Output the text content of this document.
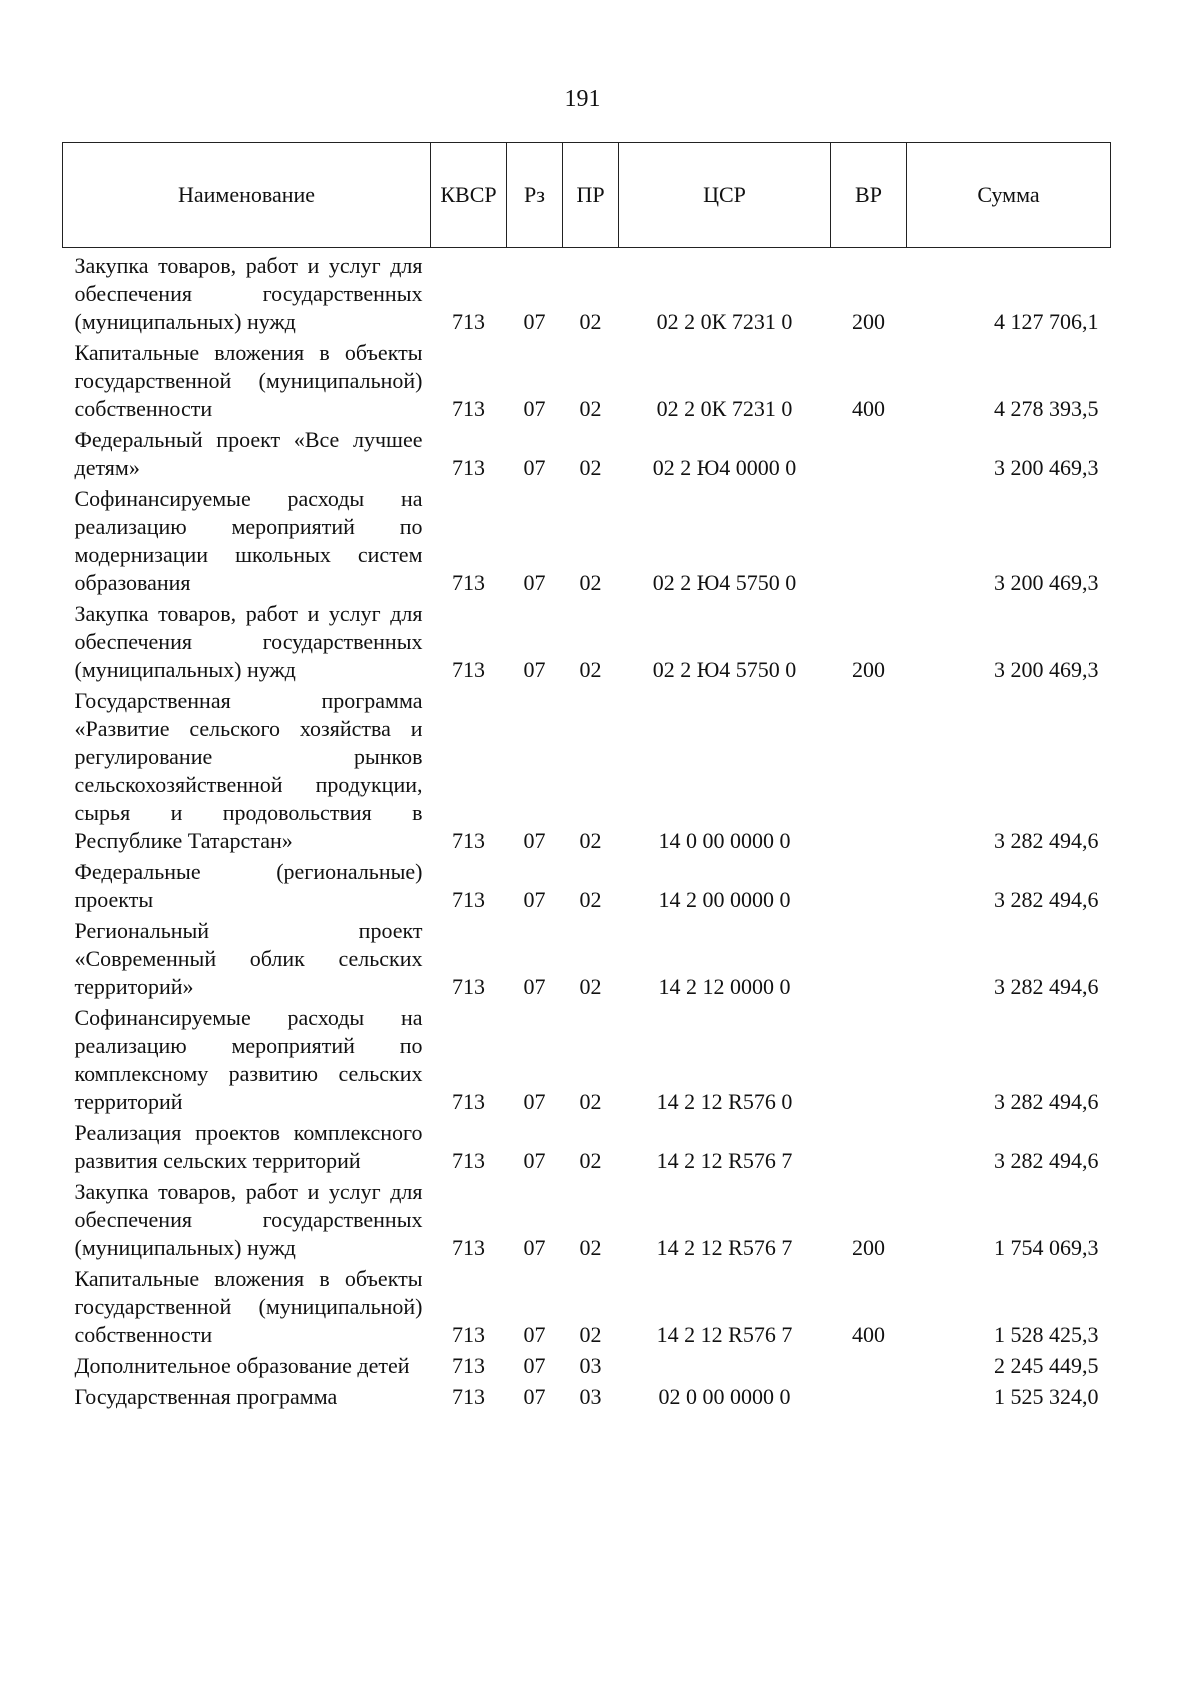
191
Наименование	КВСР	Рз	ПР	ЦСР	ВР	Сумма

Закупка товаров, работ и услуг для обеспечения государственных (муниципальных) нужд	713	07	02	02 2 0К 7231 0	200	4 127 706,1
Капитальные вложения в объекты государственной (муниципальной) собственности	713	07	02	02 2 0К 7231 0	400	4 278 393,5
Федеральный проект «Все лучшее детям»	713	07	02	02 2 Ю4 0000 0		3 200 469,3
Софинансируемые расходы на реализацию мероприятий по модернизации школьных систем образования	713	07	02	02 2 Ю4 5750 0		3 200 469,3
Закупка товаров, работ и услуг для обеспечения государственных (муниципальных) нужд	713	07	02	02 2 Ю4 5750 0	200	3 200 469,3
Государственная программа «Развитие сельского хозяйства и регулирование рынков сельскохозяйственной продукции, сырья и продовольствия в Республике Татарстан»	713	07	02	14 0 00 0000 0		3 282 494,6
Федеральные (региональные) проекты	713	07	02	14 2 00 0000 0		3 282 494,6
Региональный проект «Современный облик сельских территорий»	713	07	02	14 2 12 0000 0		3 282 494,6
Софинансируемые расходы на реализацию мероприятий по комплексному развитию сельских территорий	713	07	02	14 2 12 R576 0		3 282 494,6
Реализация проектов комплексного развития сельских территорий	713	07	02	14 2 12 R576 7		3 282 494,6
Закупка товаров, работ и услуг для обеспечения государственных (муниципальных) нужд	713	07	02	14 2 12 R576 7	200	1 754 069,3
Капитальные вложения в объекты государственной (муниципальной) собственности	713	07	02	14 2 12 R576 7	400	1 528 425,3
Дополнительное образование детей	713	07	03			2 245 449,5
Государственная программа	713	07	03	02 0 00 0000 0		1 525 324,0
